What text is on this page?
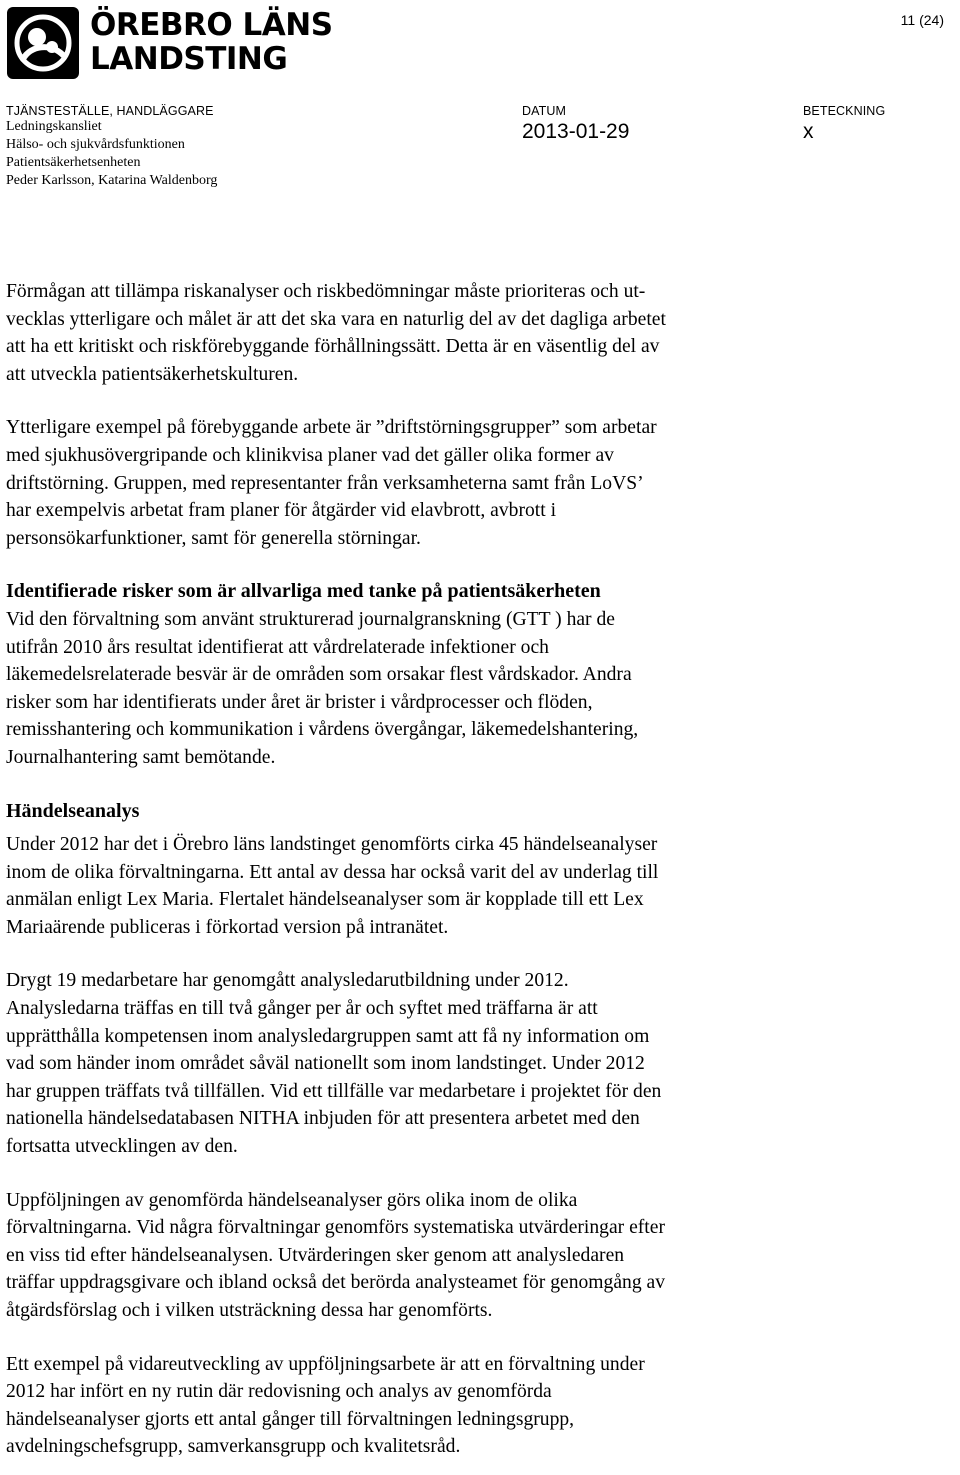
ÖREBRO LÄNS
LANDSTING
11 (24)
TJÄNSTESTÄLLE, HANDLÄGGARE
Ledningskansliet
Hälso- och sjukvårdsfunktionen
Patientsäkerhetsenheten
Peder Karlsson, Katarina Waldenborg
DATUM
2013-01-29
BETECKNING
x

Förmågan att tillämpa riskanalyser och riskbedömningar måste prioriteras och ut-
vecklas ytterligare och målet är att det ska vara en naturlig del av det dagliga arbetet
att ha ett kritiskt och riskförebyggande förhållningssätt. Detta är en väsentlig del av
att utveckla patientsäkerhetskulturen.

Ytterligare exempel på förebyggande arbete är ”driftstörningsgrupper” som arbetar
med sjukhusövergripande och klinikvisa planer vad det gäller olika former av
driftstörning. Gruppen, med representanter från verksamheterna samt från LoVS’
har exempelvis arbetat fram planer för åtgärder vid elavbrott, avbrott i
personsökarfunktioner, samt för generella störningar.

Identifierade risker som är allvarliga med tanke på patientsäkerheten

Vid den förvaltning som använt strukturerad journalgranskning (GTT ) har de
utifrån 2010 års resultat identifierat att vårdrelaterade infektioner och
läkemedelsrelaterade besvär är de områden som orsakar flest vårdskador. Andra
risker som har identifierats under året är brister i vårdprocesser och flöden,
remisshantering och kommunikation i vårdens övergångar, läkemedelshantering,
Journalhantering samt bemötande.

Händelseanalys

Under 2012 har det i Örebro läns landstinget genomförts cirka 45 händelseanalyser
inom de olika förvaltningarna. Ett antal av dessa har också varit del av underlag till
anmälan enligt Lex Maria. Flertalet händelseanalyser som är kopplade till ett Lex
Mariaärende publiceras i förkortad version på intranätet.

Drygt 19 medarbetare har genomgått analysledarutbildning under 2012.
Analysledarna träffas en till två gånger per år och syftet med träffarna är att
upprätthålla kompetensen inom analysledargruppen samt att få ny information om
vad som händer inom området såväl nationellt som inom landstinget. Under 2012
har gruppen träffats två tillfällen. Vid ett tillfälle var medarbetare i projektet för den
nationella händelsedatabasen NITHA inbjuden för att presentera arbetet med den
fortsatta utvecklingen av den.

Uppföljningen av genomförda händelseanalyser görs olika inom de olika
förvaltningarna. Vid några förvaltningar genomförs systematiska utvärderingar efter
en viss tid efter händelseanalysen. Utvärderingen sker genom att analysledaren
träffar uppdragsgivare och ibland också det berörda analysteamet för genomgång av
åtgärdsförslag och i vilken utsträckning dessa har genomförts.

Ett exempel på vidareutveckling av uppföljningsarbete är att en förvaltning under
2012 har infört en ny rutin där redovisning och analys av genomförda
händelseanalyser gjorts ett antal gånger till förvaltningen ledningsgrupp,
avdelningschefsgrupp, samverkansgrupp och kvalitetsråd.
